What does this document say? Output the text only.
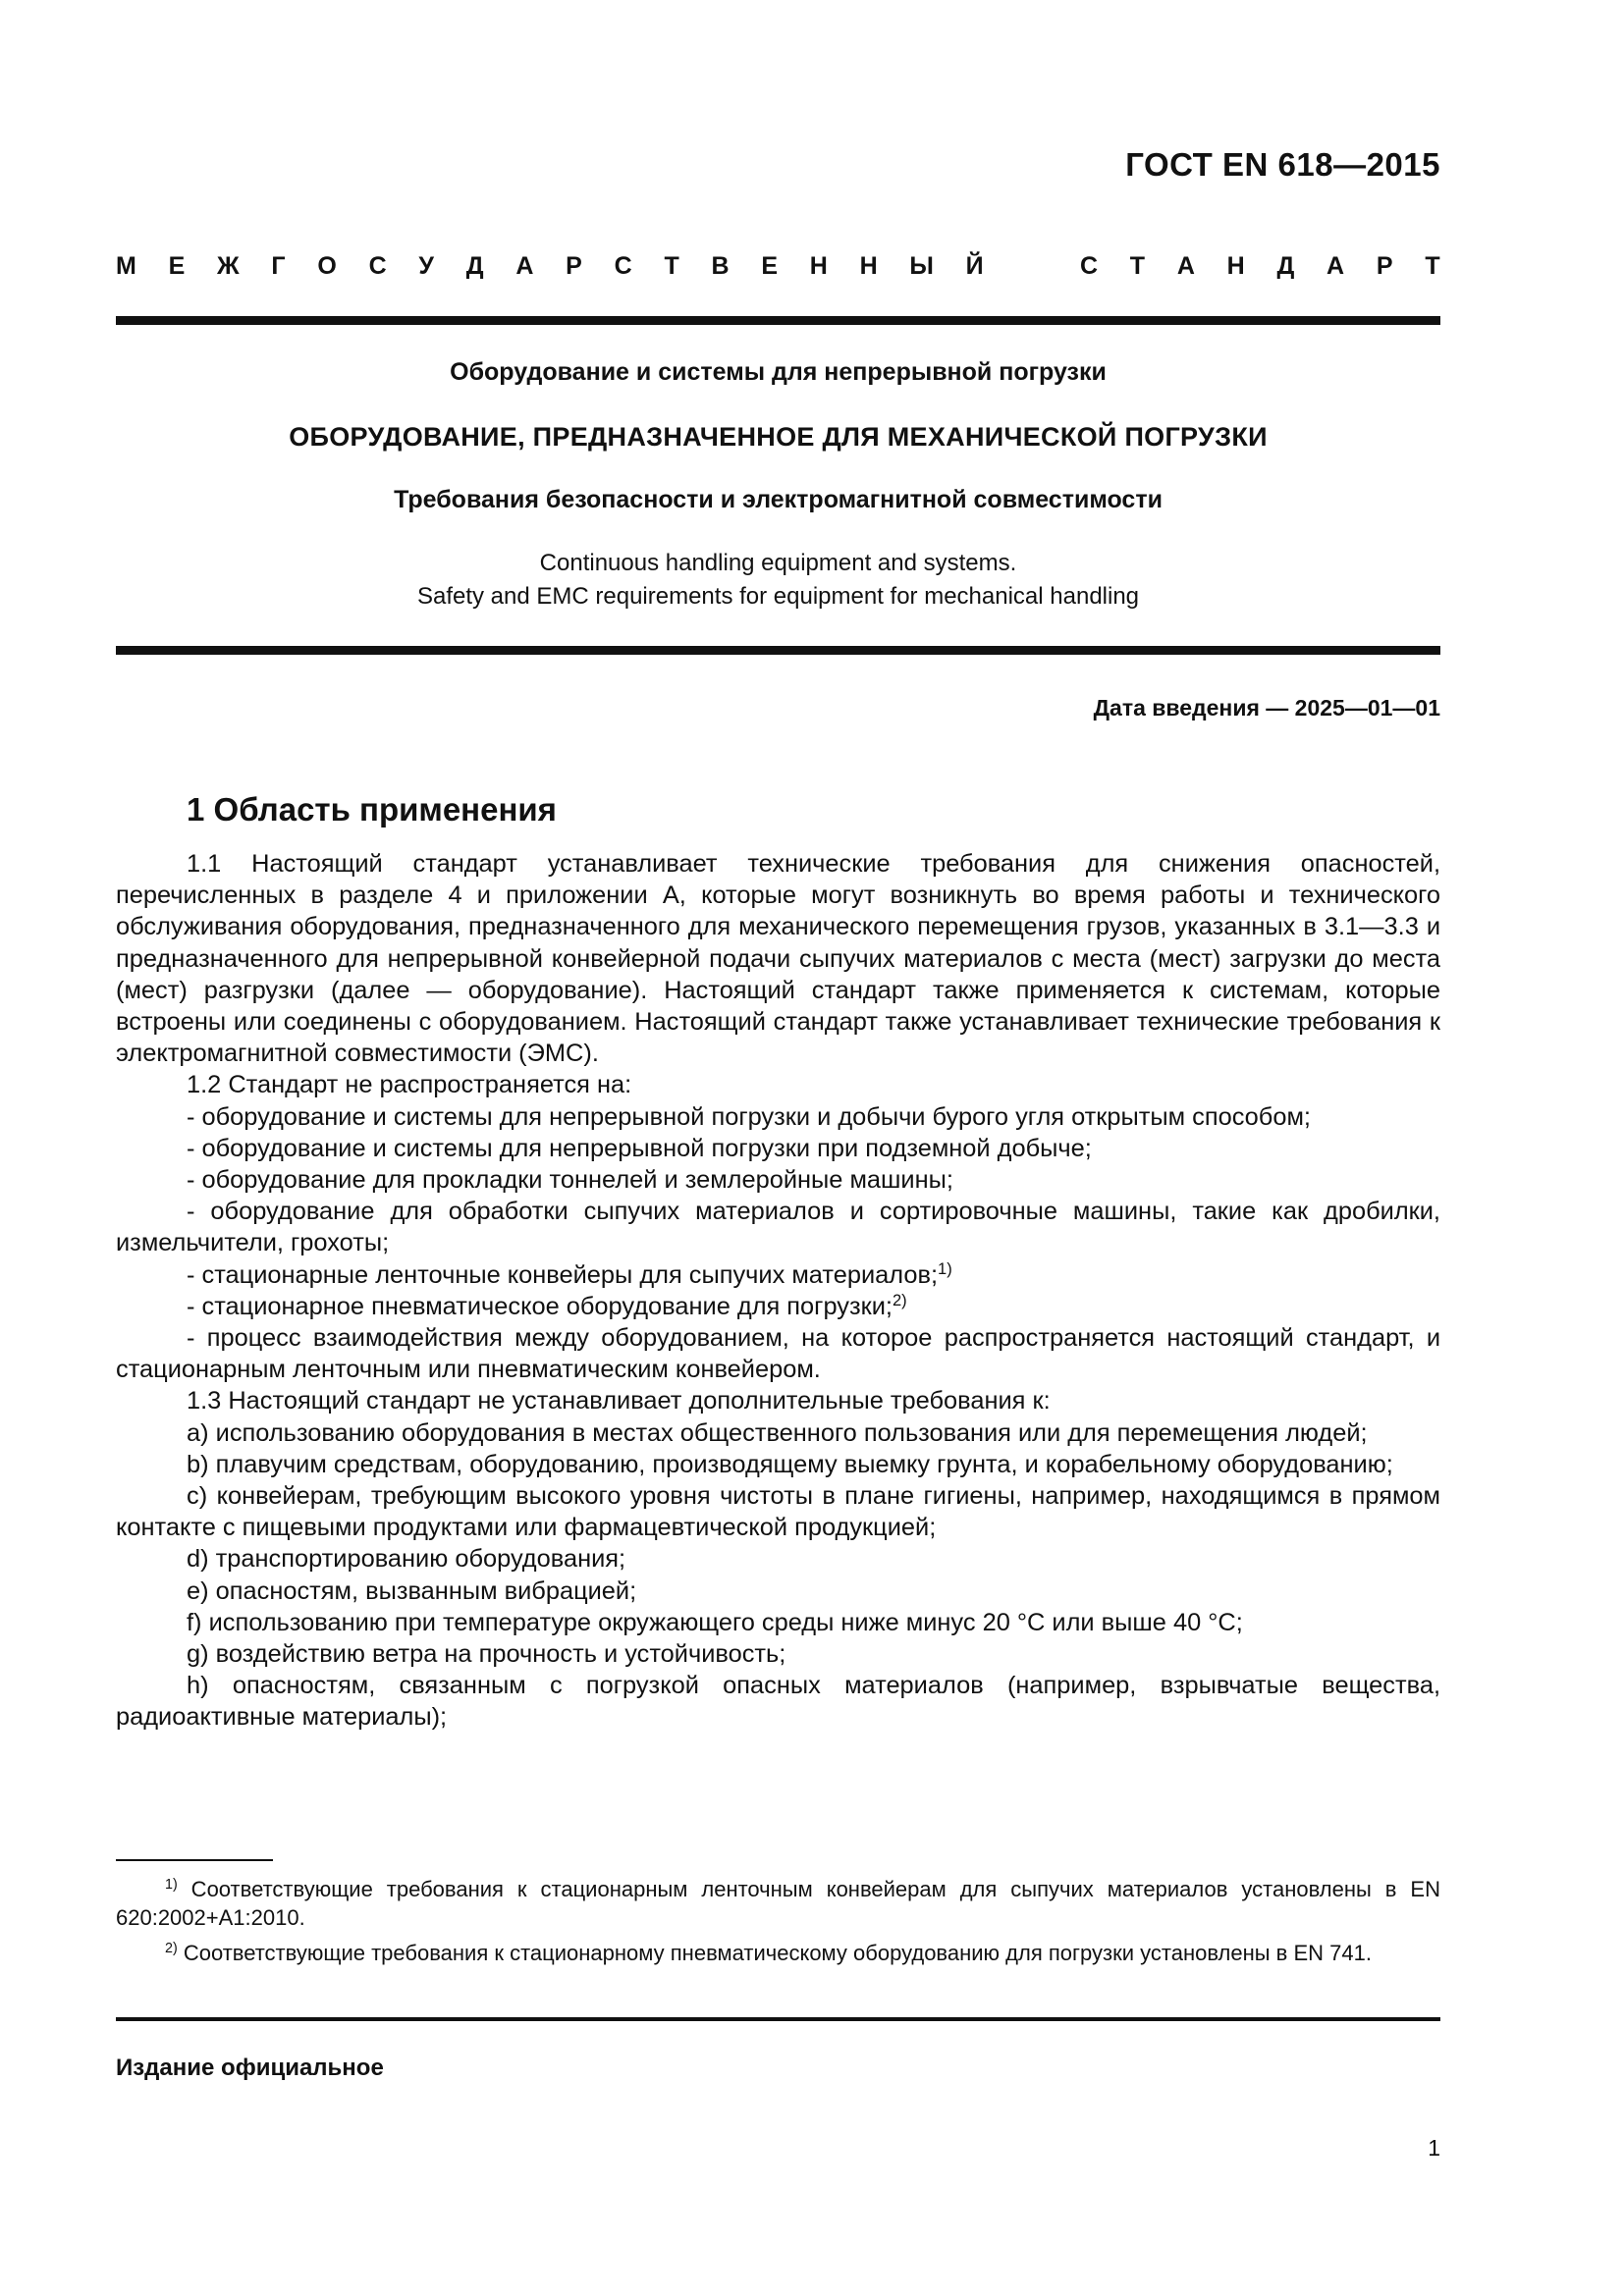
ГОСТ EN 618—2015
М Е Ж Г О С У Д А Р С Т В Е Н Н Ы Й	С Т А Н Д А Р Т
Оборудование и системы для непрерывной погрузки
ОБОРУДОВАНИЕ, ПРЕДНАЗНАЧЕННОЕ ДЛЯ МЕХАНИЧЕСКОЙ ПОГРУЗКИ
Требования безопасности и электромагнитной совместимости
Continuous handling equipment and systems.
Safety and EMC requirements for equipment for mechanical handling
Дата введения — 2025—01—01
1 Область применения

1.1 Настоящий стандарт устанавливает технические требования для снижения опасностей, перечисленных в разделе 4 и приложении А, которые могут возникнуть во время работы и технического обслуживания оборудования, предназначенного для механического перемещения грузов, указанных в 3.1—3.3 и предназначенного для непрерывной конвейерной подачи сыпучих материалов с места (мест) загрузки до места (мест) разгрузки (далее — оборудование). Настоящий стандарт также применяется к системам, которые встроены или соединены с оборудованием. Настоящий стандарт также устанавливает технические требования к электромагнитной совместимости (ЭМС).

1.2 Стандарт не распространяется на:

- оборудование и системы для непрерывной погрузки и добычи бурого угля открытым способом;

- оборудование и системы для непрерывной погрузки при подземной добыче;

- оборудование для прокладки тоннелей и землеройные машины;

- оборудование для обработки сыпучих материалов и сортировочные машины, такие как дробилки, измельчители, грохоты;

- стационарные ленточные конвейеры для сыпучих материалов;$^{1)}$

- стационарное пневматическое оборудование для погрузки;$^{2)}$

- процесс взаимодействия между оборудованием, на которое распространяется настоящий стандарт, и стационарным ленточным или пневматическим конвейером.

1.3 Настоящий стандарт не устанавливает дополнительные требования к:

а) использованию оборудования в местах общественного пользования или для перемещения людей;

b) плавучим средствам, оборудованию, производящему выемку грунта, и корабельному оборудованию;

с) конвейерам, требующим высокого уровня чистоты в плане гигиены, например, находящимся в прямом контакте с пищевыми продуктами или фармацевтической продукцией;

d) транспортированию оборудования;

е) опасностям, вызванным вибрацией;

f) использованию при температуре окружающего среды ниже минус 20 °С или выше 40 °С;

g) воздействию ветра на прочность и устойчивость;

h) опасностям, связанным с погрузкой опасных материалов (например, взрывчатые вещества, радиоактивные материалы);

$^{1)}$ Соответствующие требования к стационарным ленточным конвейерам для сыпучих материалов установлены в EN 620:2002+A1:2010.

$^{2)}$ Соответствующие требования к стационарному пневматическому оборудованию для погрузки установлены в EN 741.

Издание официальное
1
